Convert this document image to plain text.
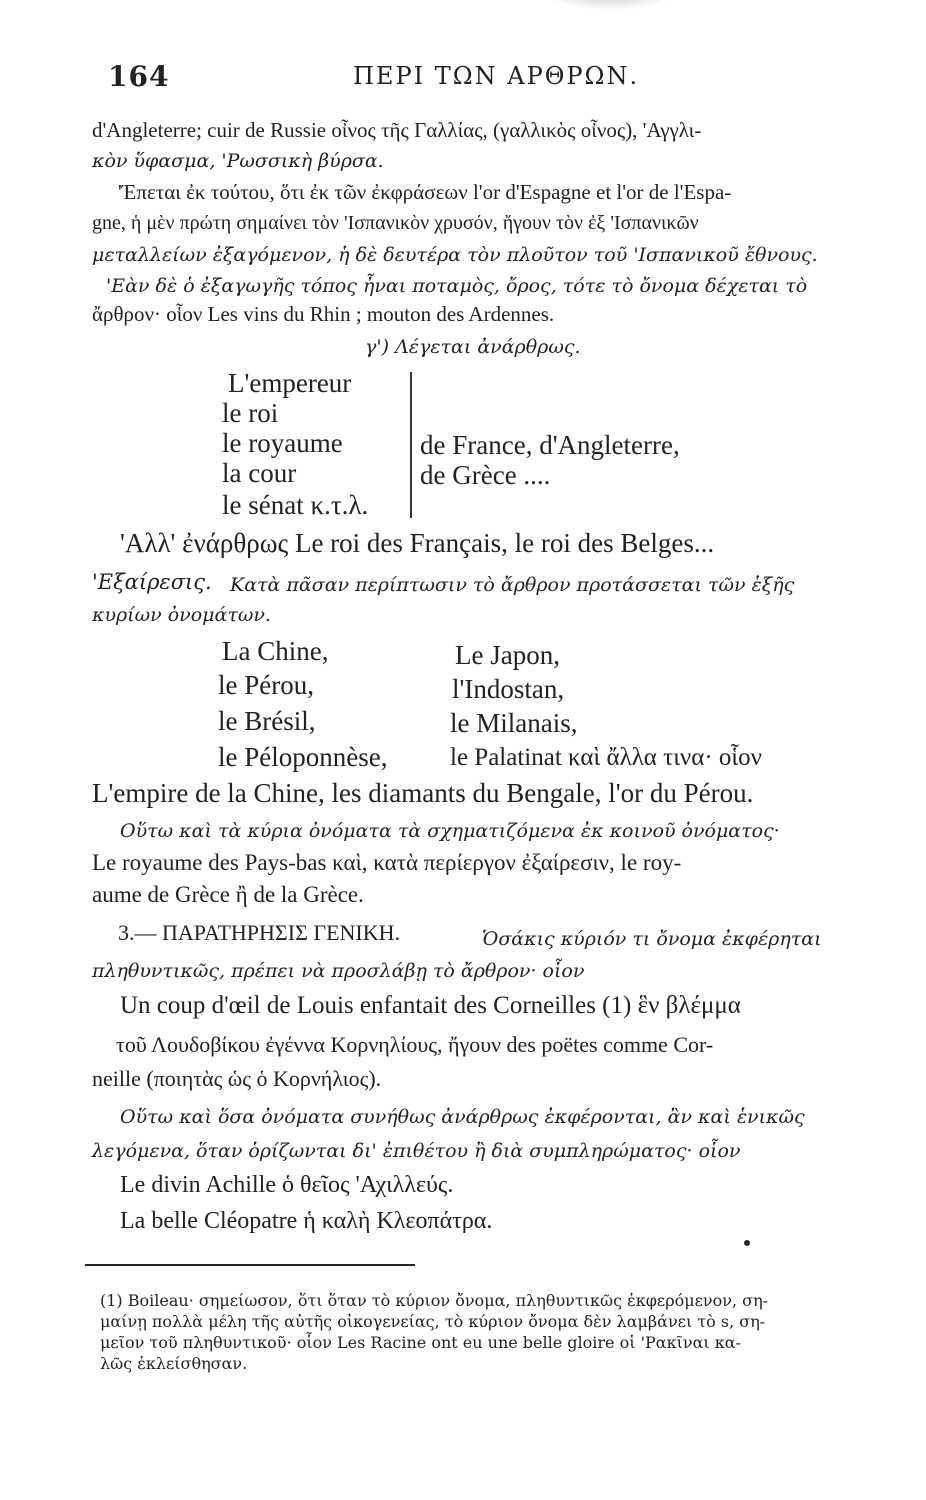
164	ΠΕΡΙ ΤΩΝ ΑΡΘΡΩΝ.
d'Angleterre; cuir de Russie οἶνος τῆς Γαλλίας, (γαλλικὸς οἶνος), 'Αγγλι-
κὸν ὕφασμα, 'Ρωσσικὴ βύρσα.
'Έπεται ἐκ τούτου, ὅτι ἐκ τῶν ἐκφράσεων l'or d'Espagne et l'or de l'Espa-
gne, ἡ μὲν πρώτη σημαίνει τὸν 'Ισπανικὸν χρυσόν, ἤγουν τὸν ἐξ 'Ισπανικῶν
μεταλλείων ἐξαγόμενον, ἡ δὲ δευτέρα τὸν πλοῦτον τοῦ 'Ισπανικοῦ ἔθνους.
'Εὰν δὲ ὁ ἐξαγωγῆς τόπος ἦναι ποταμὸς, ὄρος, τότε τὸ ὄνομα δέχεται τὸ
ἄρθρον· οἷον Les vins du Rhin ; mouton des Ardennes.
γ') Λέγεται ἀνάρθρως.
L'empereur
le roi
le royaume
la cour
le sénat κ.τ.λ.
de France, d'Angleterre,
de Grèce ....
'Αλλ' ἐνάρθρως Le roi des Français, le roi des Belges...
'Εξαίρεσις. Κατὰ πᾶσαν περίπτωσιν τὸ ἄρθρον προτάσσεται τῶν ἑξῆς
κυρίων ὀνομάτων.
La Chine,
le Pérou,
le Brésil,
le Péloponnèse,
Le Japon,
l'Indostan,
le Milanais,
le Palatinat καὶ ἄλλα τινα· οἷον
L'empire de la Chine, les diamants du Bengale, l'or du Pérou.
Οὕτω καὶ τὰ κύρια ὀνόματα τὰ σχηματιζόμενα ἐκ κοινοῦ ὀνόματος·
Le royaume des Pays-bas καὶ, κατὰ περίεργον ἐξαίρεσιν, le roy-
aume de Grèce ἢ de la Grèce.
3.— ΠΑΡΑΤΗΡΗΣΙΣ ΓΕΝΙΚΗ.	Ὁσάκις κύριόν τι ὄνομα ἐκφέρηται
πληθυντικῶς, πρέπει νὰ προσλάβῃ τὸ ἄρθρον· οἷον
Un coup d'œil de Louis enfantait des Corneilles (1) ἓν βλέμμα
τοῦ Λουδοβίκου ἐγέννα Κορνηλίους, ἤγουν des poëtes comme Cor-
neille (ποιητὰς ὡς ὁ Κορνήλιος).
Οὕτω καὶ ὅσα ὀνόματα συνήθως ἀνάρθρως ἐκφέρονται, ἂν καὶ ἑνικῶς
λεγόμενα, ὅταν ὁρίζωνται δι' ἐπιθέτου ἢ διὰ συμπληρώματος· οἷον
Le divin Achille ὁ θεῖος 'Αχιλλεύς.
La belle Cléopatre ἡ καλὴ Κλεοπάτρα.
(1) Boileau· σημείωσον, ὅτι ὅταν τὸ κύριον ὄνομα, πληθυντικῶς ἐκφερόμενον, ση-
μαίνῃ πολλὰ μέλη τῆς αὐτῆς οἰκογενείας, τὸ κύριον ὄνομα δὲν λαμβάνει τὸ s, ση-
μεῖον τοῦ πληθυντικοῦ· οἷον Les Racine ont eu une belle gloire οἱ 'Ρακῖναι κα-
λῶς ἐκλείσθησαν.
